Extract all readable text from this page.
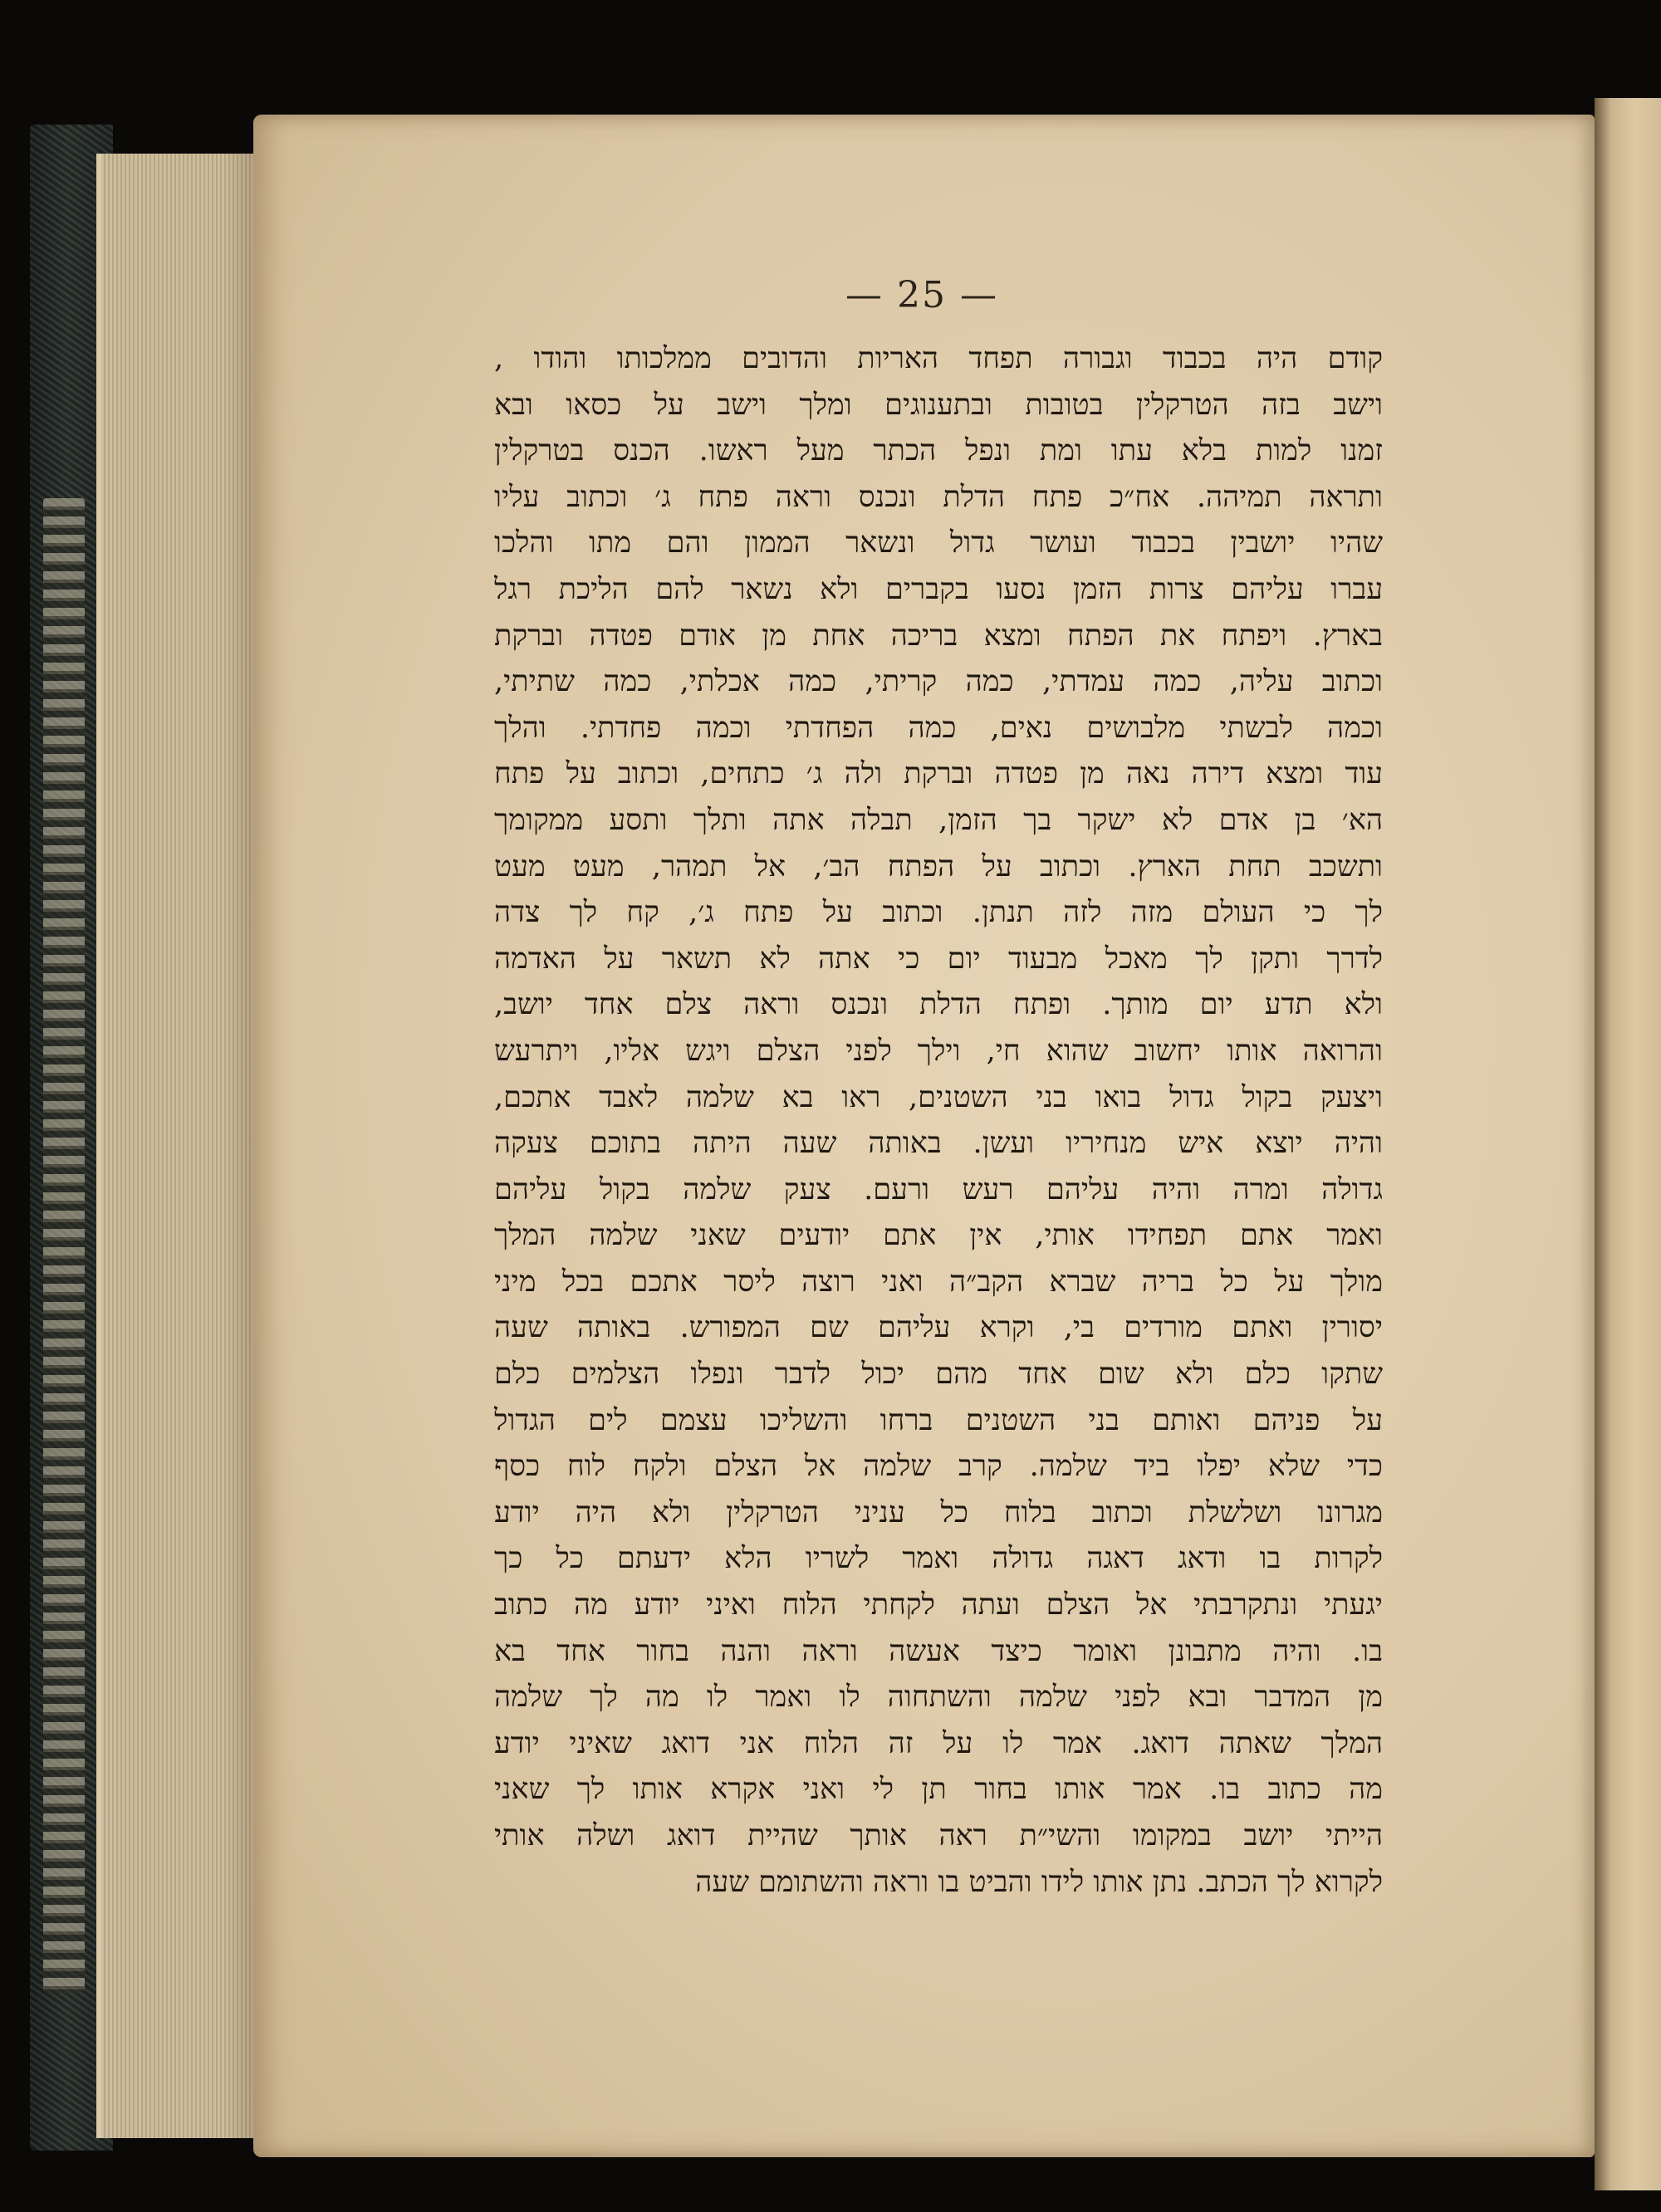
— 25 —
קודם היה בכבוד וגבורה תפחד האריות והדובים ממלכותו והודו ,
וישב בזה הטרקלין בטובות ובתענוגים ומלך וישב על כסאו ובא
זמנו למות בלא עתו ומת ונפל הכתר מעל ראשו. הכנס בטרקלין
ותראה תמיהה. אח״כ פתח הדלת ונכנס וראה פתח ג׳ וכתוב עליו
שהיו יושבין בכבוד ועושר גדול ונשאר הממון והם מתו והלכו
עברו עליהם צרות הזמן נסעו בקברים ולא נשאר להם הליכת רגל
בארץ. ויפתח את הפתח ומצא בריכה אחת מן אודם פטדה וברקת
וכתוב עליה, כמה עמדתי, כמה קריתי, כמה אכלתי, כמה שתיתי,
וכמה לבשתי מלבושים נאים, כמה הפחדתי וכמה פחדתי. והלך
עוד ומצא דירה נאה מן פטדה וברקת ולה ג׳ כתחים, וכתוב על פתח
הא׳ בן אדם לא ישקר בך הזמן, תבלה אתה ותלך ותסע ממקומך
ותשכב תחת הארץ. וכתוב על הפתח הב׳, אל תמהר, מעט מעט
לך כי העולם מזה לזה תנתן. וכתוב על פתח ג׳, קח לך צדה
לדרך ותקן לך מאכל מבעוד יום כי אתה לא תשאר על האדמה
ולא תדע יום מותך. ופתח הדלת ונכנס וראה צלם אחד יושב,
והרואה אותו יחשוב שהוא חי, וילך לפני הצלם ויגש אליו, ויתרעש
ויצעק בקול גדול בואו בני השטנים, ראו בא שלמה לאבד אתכם,
והיה יוצא איש מנחיריו ועשן. באותה שעה היתה בתוכם צעקה
גדולה ומרה והיה עליהם רעש ורעם. צעק שלמה בקול עליהם
ואמר אתם תפחידו אותי, אין אתם יודעים שאני שלמה המלך
מולך על כל בריה שברא הקב״ה ואני רוצה ליסר אתכם בכל מיני
יסורין ואתם מורדים בי, וקרא עליהם שם המפורש. באותה שעה
שתקו כלם ולא שום אחד מהם יכול לדבר ונפלו הצלמים כלם
על פניהם ואותם בני השטנים ברחו והשליכו עצמם לים הגדול
כדי שלא יפלו ביד שלמה. קרב שלמה אל הצלם ולקח לוח כסף
מגרונו ושלשלת וכתוב בלוח כל עניני הטרקלין ולא היה יודע
לקרות בו ודאג דאגה גדולה ואמר לשריו הלא ידעתם כל כך
יגעתי ונתקרבתי אל הצלם ועתה לקחתי הלוח ואיני יודע מה כתוב
בו. והיה מתבונן ואומר כיצד אעשה וראה והנה בחור אחד בא
מן המדבר ובא לפני שלמה והשתחוה לו ואמר לו מה לך שלמה
המלך שאתה דואג. אמר לו על זה הלוח אני דואג שאיני יודע
מה כתוב בו. אמר אותו בחור תן לי ואני אקרא אותו לך שאני
הייתי יושב במקומו והשי״ת ראה אותך שהיית דואג ושלה אותי
לקרוא לך הכתב. נתן אותו לידו והביט בו וראה והשתומם שעה
